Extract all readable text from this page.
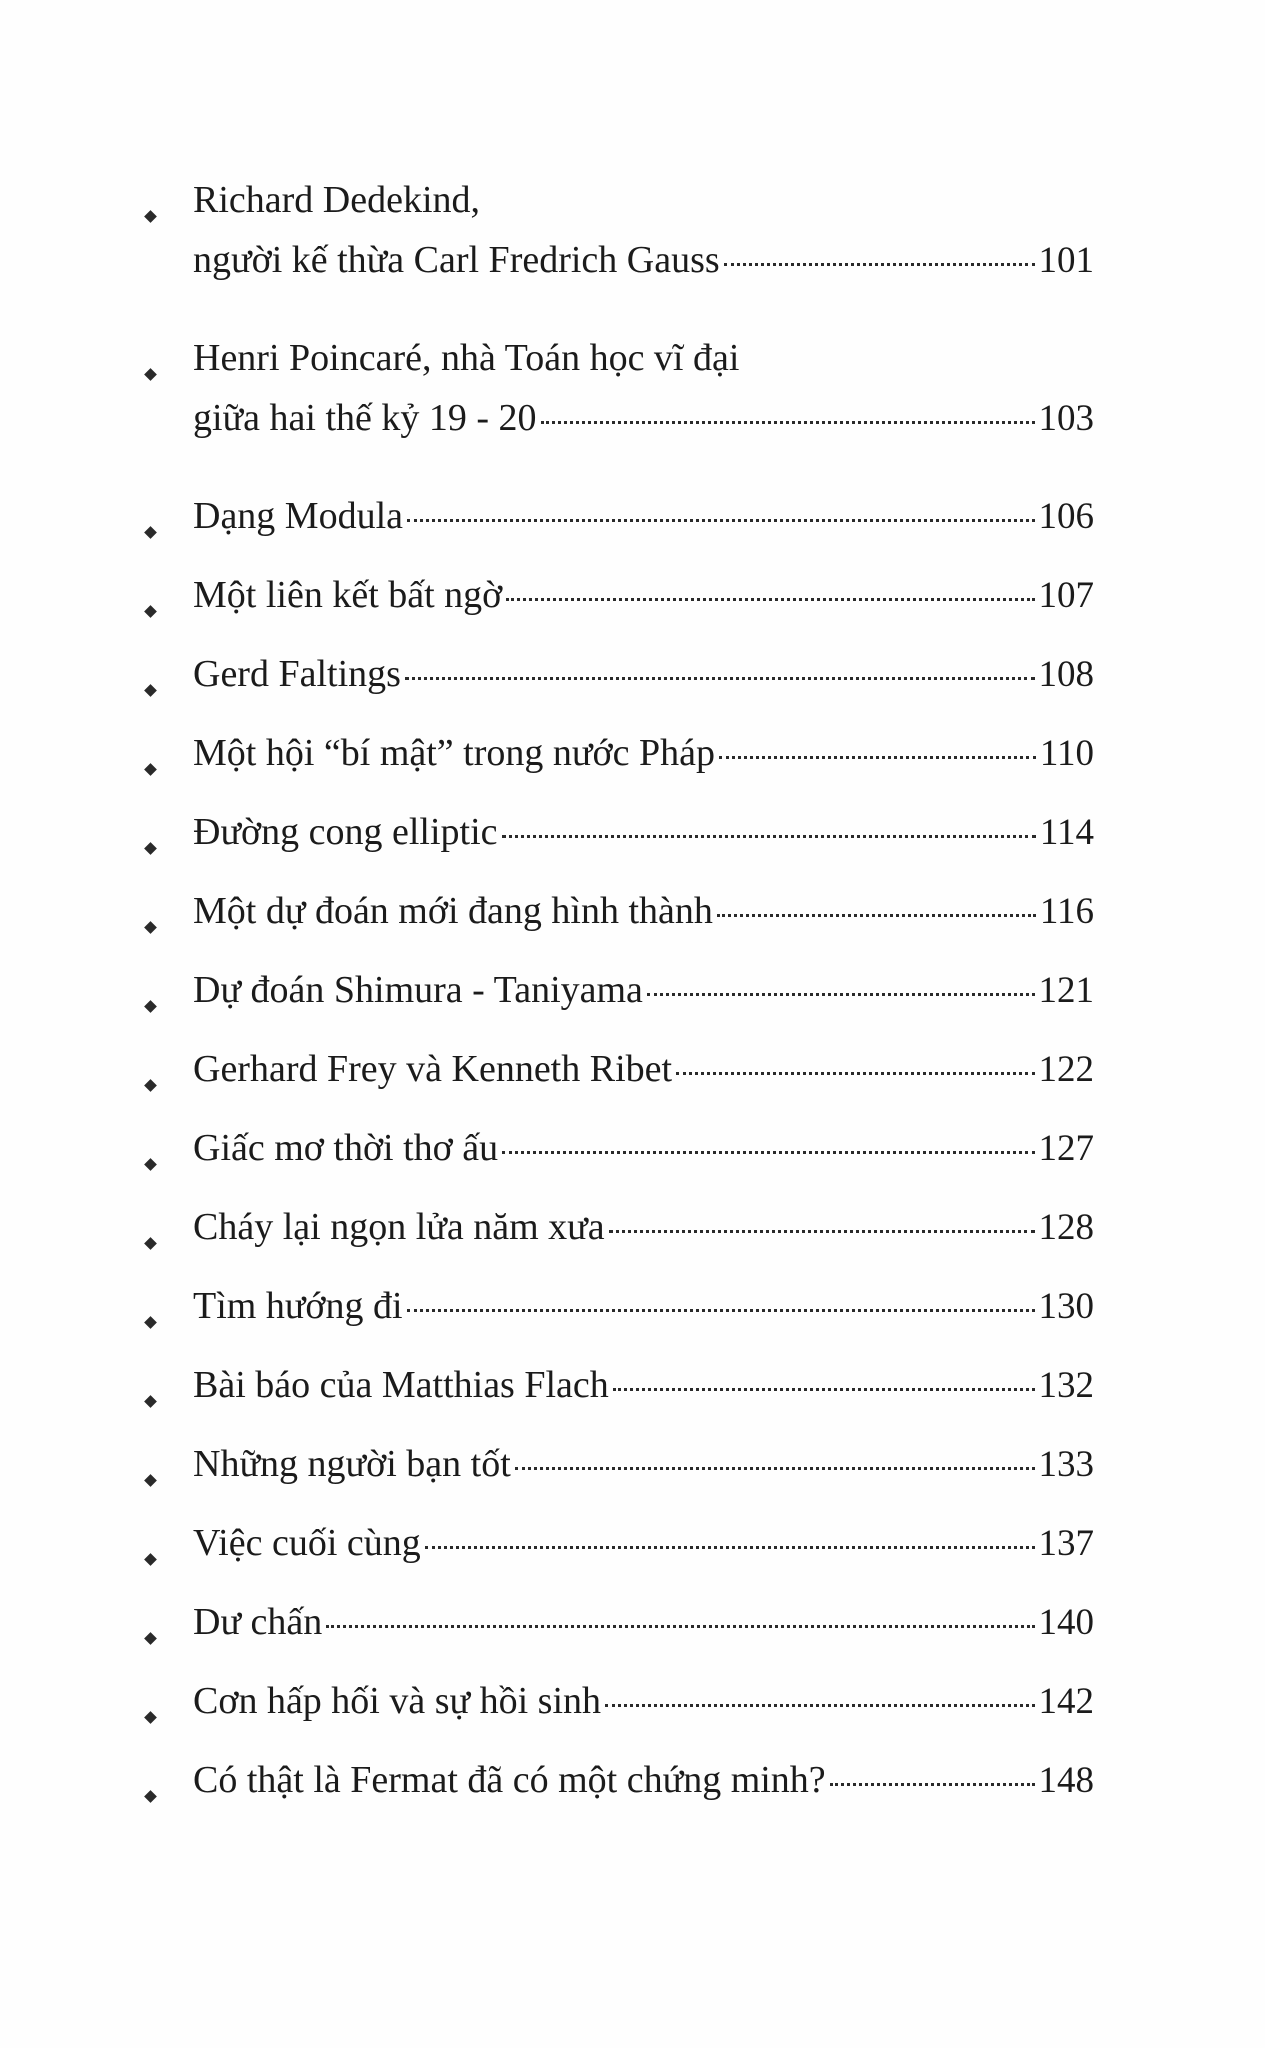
Richard Dedekind,
người kế thừa Carl Fredrich Gauss	101
Henri Poincaré, nhà Toán học vĩ đại
giữa hai thế kỷ 19 - 20	103
Dạng Modula	106
Một liên kết bất ngờ	107
Gerd Faltings	108
Một hội “bí mật” trong nước Pháp	110
Đường cong elliptic	114
Một dự đoán mới đang hình thành	116
Dự đoán Shimura - Taniyama	121
Gerhard Frey và Kenneth Ribet	122
Giấc mơ thời thơ ấu	127
Cháy lại ngọn lửa năm xưa	128
Tìm hướng đi	130
Bài báo của Matthias Flach	132
Những người bạn tốt	133
Việc cuối cùng	137
Dư chấn	140
Cơn hấp hối và sự hồi sinh	142
Có thật là Fermat đã có một chứng minh?	148
